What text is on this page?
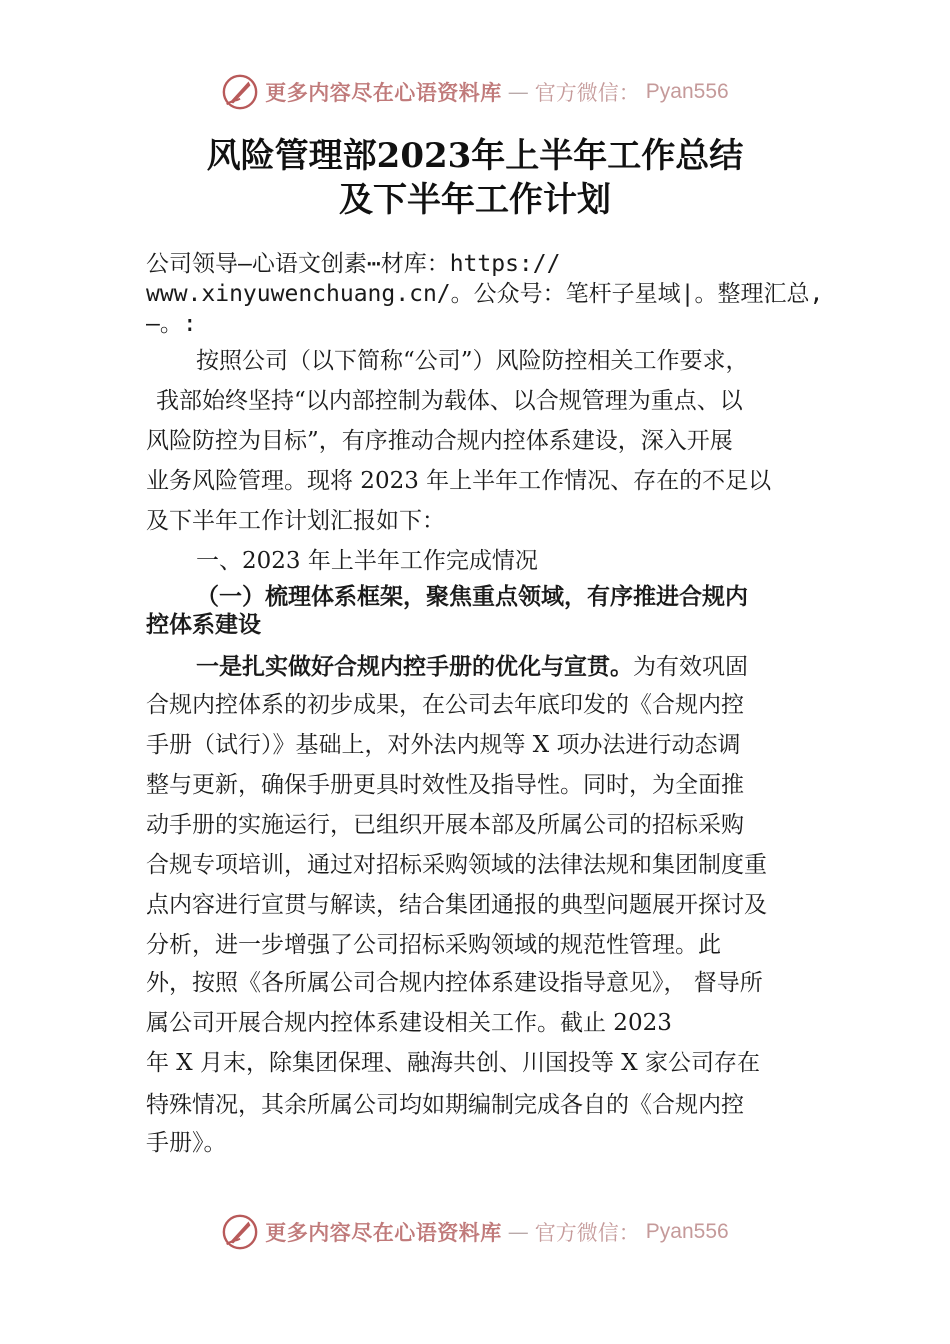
更多内容尽在心语资料库 — 官方微信： Pyan556
风险管理部2023年上半年工作总结
及下半年工作计划
公司领导—心语文创素⋯材库：https://
www.xinyuwenchuang.cn/。公众号：笔杆子星域|。整理汇总,
—。:
按照公司（以下简称“公司”）风险防控相关工作要求，
我部始终坚持“以内部控制为载体、以合规管理为重点、以
风险防控为目标”，有序推动合规内控体系建设，深入开展
业务风险管理。现将 2023 年上半年工作情况、存在的不足以
及下半年工作计划汇报如下：
一、2023 年上半年工作完成情况
（一）梳理体系框架，聚焦重点领域，有序推进合规内
控体系建设
一是扎实做好合规内控手册的优化与宣贯。为有效巩固
合规内控体系的初步成果，在公司去年底印发的《合规内控
手册（试行）》基础上，对外法内规等 X 项办法进行动态调
整与更新，确保手册更具时效性及指导性。同时，为全面推
动手册的实施运行，已组织开展本部及所属公司的招标采购
合规专项培训，通过对招标采购领域的法律法规和集团制度重
点内容进行宣贯与解读，结合集团通报的典型问题展开探讨及
分析，进一步增强了公司招标采购领域的规范性管理。此
外，按照《各所属公司合规内控体系建设指导意见》， 督导所
属公司开展合规内控体系建设相关工作。截止 2023
年 X 月末，除集团保理、融海共创、川国投等 X 家公司存在
特殊情况，其余所属公司均如期编制完成各自的《合规内控
手册》。
更多内容尽在心语资料库 — 官方微信： Pyan556
